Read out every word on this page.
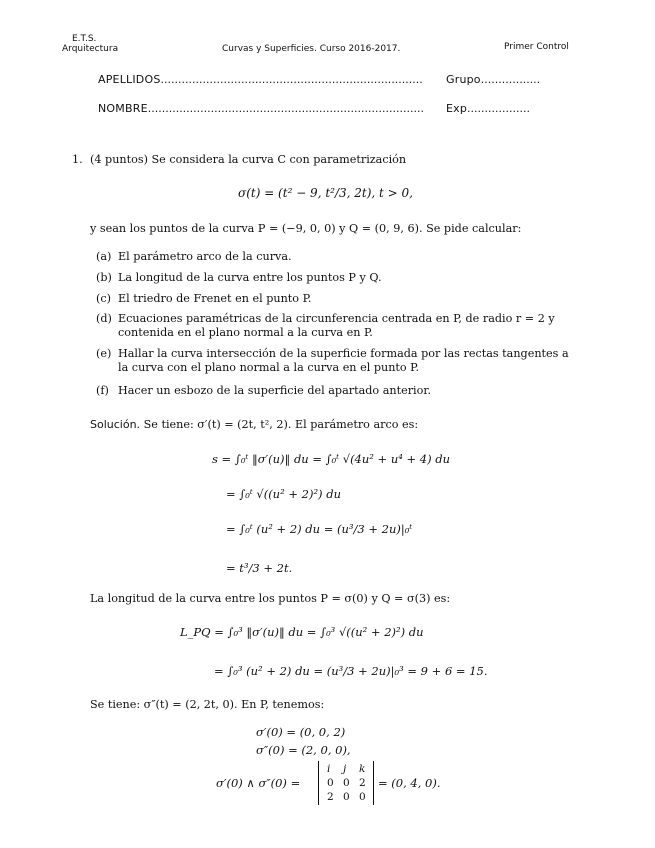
E.T.S.
Arquitectura	Curvas y Superficies. Curso 2016-2017.	Primer Control
APELLIDOS........................................................................... Grupo.................
NOMBRE............................................................................... Exp..................
1. (4 puntos) Se considera la curva C con parametrización
σ(t) = (t² − 9, t²/3, 2t), t > 0,
y sean los puntos de la curva P = (−9, 0, 0) y Q = (0, 9, 6). Se pide calcular:
(a) El parámetro arco de la curva.
(b) La longitud de la curva entre los puntos P y Q.
(c) El triedro de Frenet en el punto P.
(d) Ecuaciones paramétricas de la circunferencia centrada en P, de radio r = 2 y contenida en el plano normal a la curva en P.
(e) Hallar la curva intersección de la superficie formada por las rectas tangentes a la curva con el plano normal a la curva en el punto P.
(f) Hacer un esbozo de la superficie del apartado anterior.
Solución. Se tiene: σ′(t) = (2t, t², 2). El parámetro arco es:
s = ∫₀ᵗ ‖σ′(u)‖ du = ∫₀ᵗ √(4u² + u⁴ + 4) du
= ∫₀ᵗ √((u² + 2)²) du
= ∫₀ᵗ (u² + 2) du = (u³/3 + 2u)|₀ᵗ
= t³/3 + 2t.
La longitud de la curva entre los puntos P = σ(0) y Q = σ(3) es:
L_PQ = ∫₀³ ‖σ′(u)‖ du = ∫₀³ √((u² + 2)²) du
= ∫₀³ (u² + 2) du = (u³/3 + 2u)|₀³ = 9 + 6 = 15.
Se tiene: σ″(t) = (2, 2t, 0). En P, tenemos:
σ′(0) = (0, 0, 2)
σ″(0) = (2, 0, 0),
σ′(0) ∧ σ″(0) =
i j k
0 0 2
2 0 0
= (0, 4, 0).
